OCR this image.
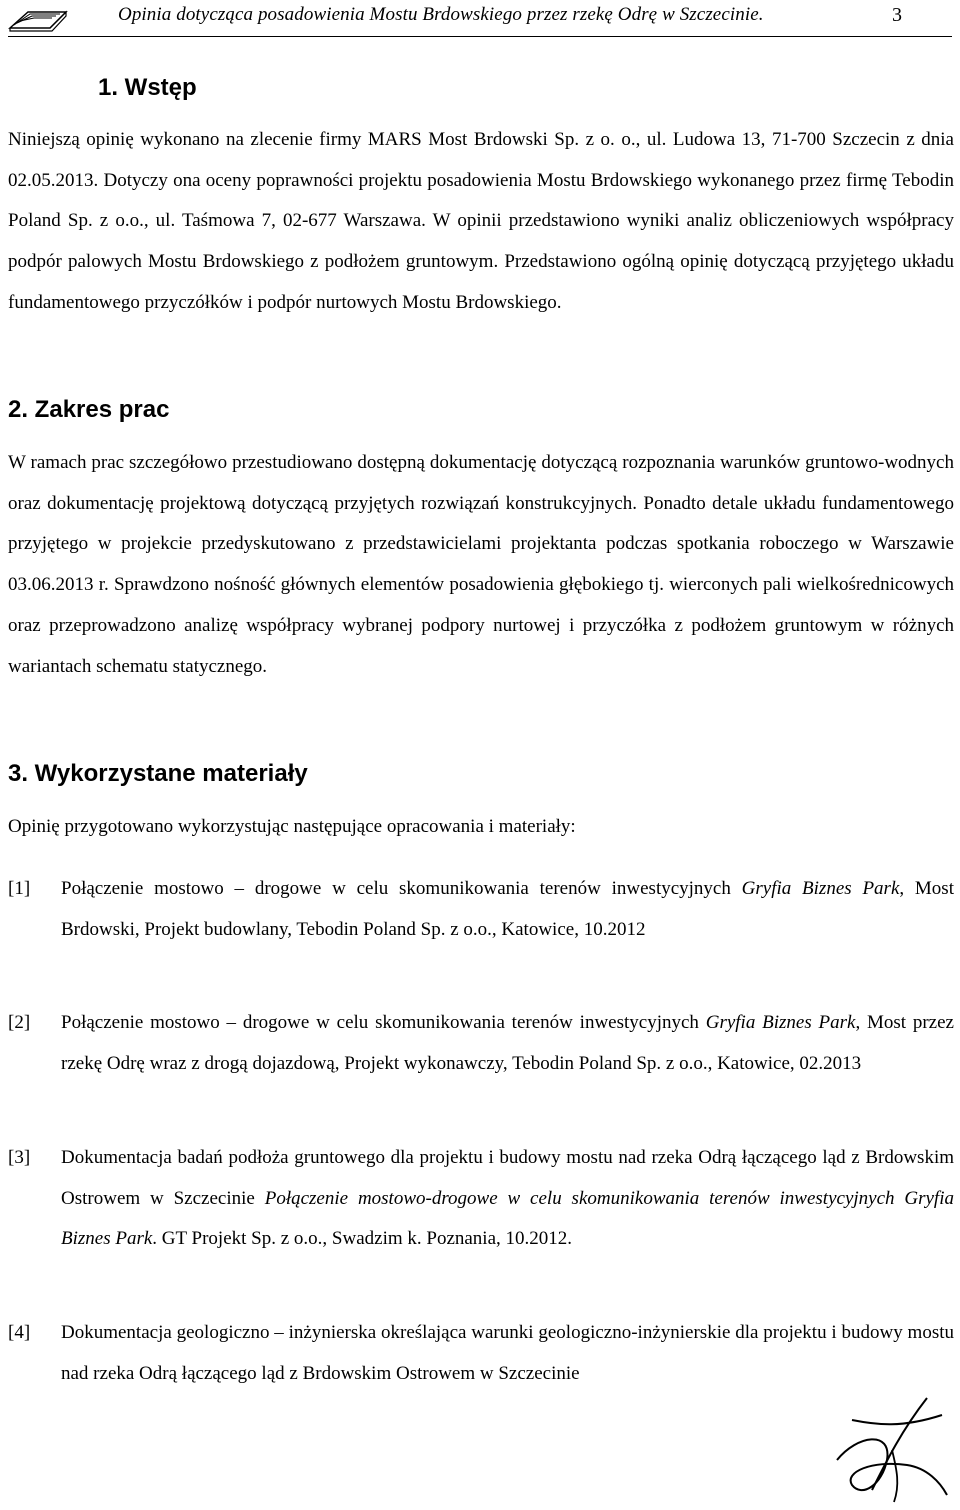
Opinia dotycząca posadowienia Mostu Brdowskiego przez rzekę Odrę w Szczecinie.	3
1. Wstęp

Niniejszą opinię wykonano na zlecenie firmy MARS Most Brdowski Sp. z o. o., ul. Ludowa 13, 71-700 Szczecin z dnia 02.05.2013. Dotyczy ona oceny poprawności projektu posadowienia Mostu Brdowskiego wykonanego przez firmę Tebodin Poland Sp. z o.o., ul. Taśmowa 7, 02-677 Warszawa. W opinii przedstawiono wyniki analiz obliczeniowych współpracy podpór palowych Mostu Brdowskiego z podłożem gruntowym. Przedstawiono ogólną opinię dotyczącą przyjętego układu fundamentowego przyczółków i podpór nurtowych Mostu Brdowskiego.

2. Zakres prac

W ramach prac szczegółowo przestudiowano dostępną dokumentację dotyczącą rozpoznania warunków gruntowo-wodnych oraz dokumentację projektową dotyczącą przyjętych rozwiązań konstrukcyjnych. Ponadto detale układu fundamentowego przyjętego w projekcie przedyskutowano z przedstawicielami projektanta podczas spotkania roboczego w Warszawie 03.06.2013 r. Sprawdzono nośność głównych elementów posadowienia głębokiego tj. wierconych pali wielkośrednicowych oraz przeprowadzono analizę współpracy wybranej podpory nurtowej i przyczółka z podłożem gruntowym w różnych wariantach schematu statycznego.

3. Wykorzystane materiały

Opinię przygotowano wykorzystując następujące opracowania i materiały:

[1] Połączenie mostowo – drogowe w celu skomunikowania terenów inwestycyjnych Gryfia Biznes Park, Most Brdowski, Projekt budowlany, Tebodin Poland Sp. z o.o., Katowice, 10.2012
[2] Połączenie mostowo – drogowe w celu skomunikowania terenów inwestycyjnych Gryfia Biznes Park, Most przez rzekę Odrę wraz z drogą dojazdową, Projekt wykonawczy, Tebodin Poland Sp. z o.o., Katowice, 02.2013
[3] Dokumentacja badań podłoża gruntowego dla projektu i budowy mostu nad rzeka Odrą łączącego ląd z Brdowskim Ostrowem w Szczecinie Połączenie mostowo-drogowe w celu skomunikowania terenów inwestycyjnych Gryfia Biznes Park. GT Projekt Sp. z o.o., Swadzim k. Poznania, 10.2012.
[4] Dokumentacja geologiczno – inżynierska określająca warunki geologiczno-inżynierskie dla projektu i budowy mostu nad rzeka Odrą łączącego ląd z Brdowskim Ostrowem w Szczecinie
